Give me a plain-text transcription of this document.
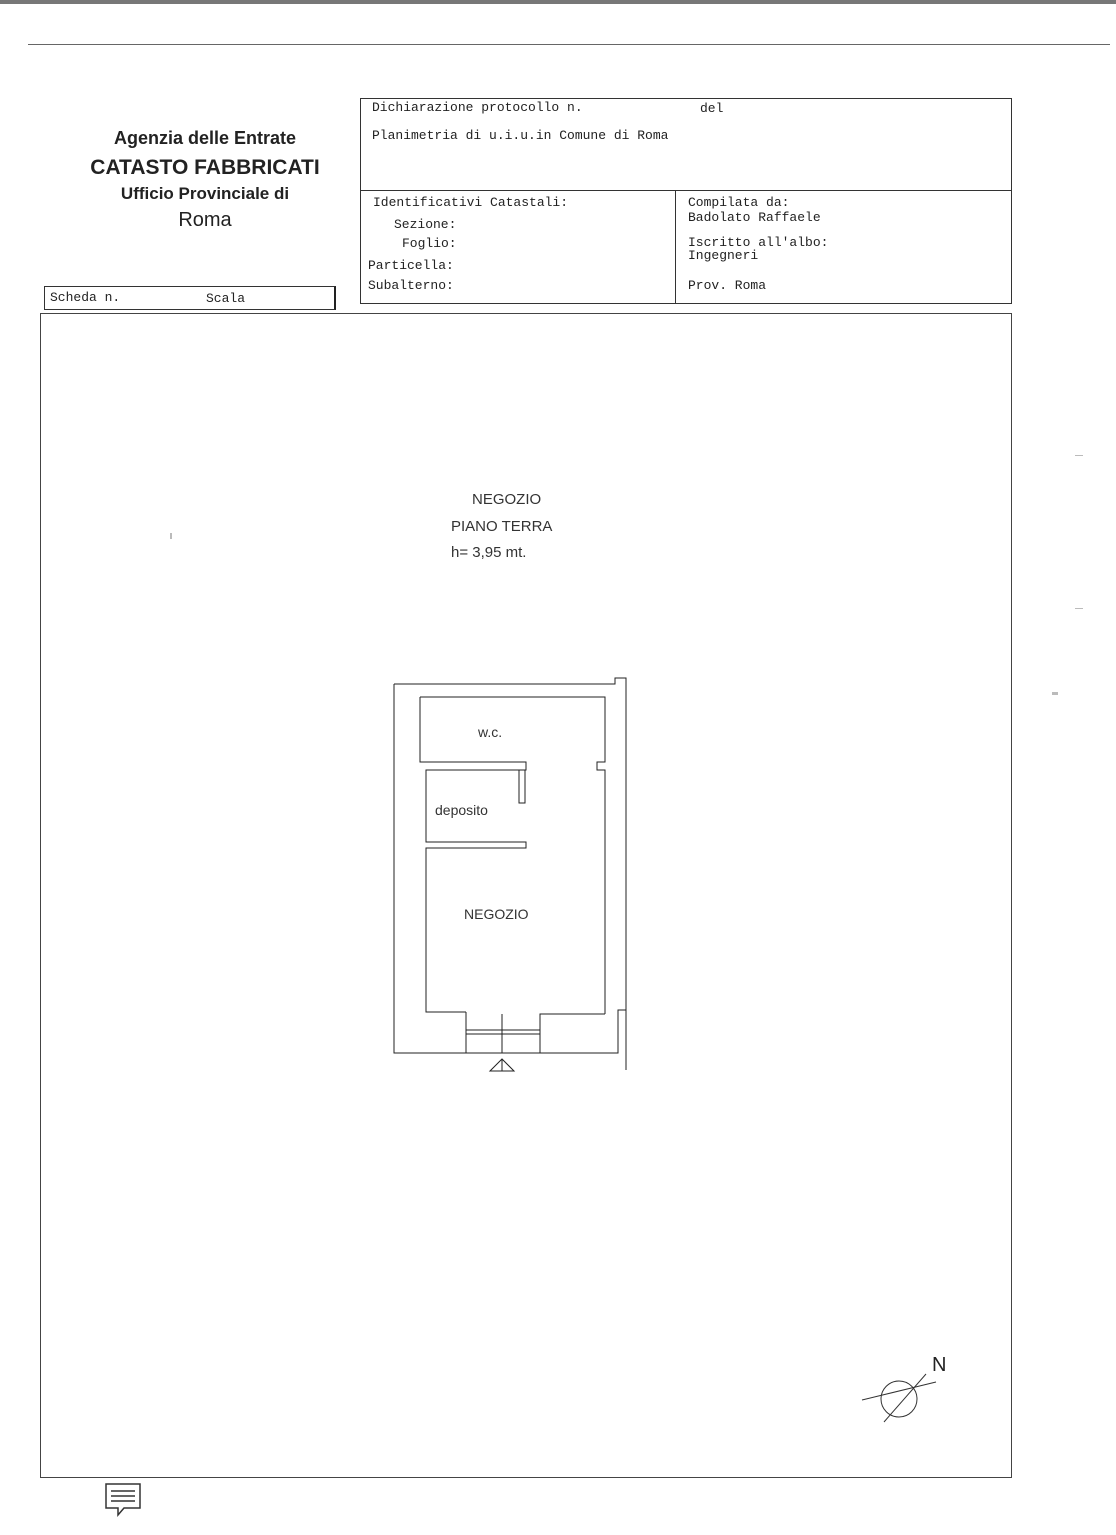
Agenzia delle Entrate
CATASTO FABBRICATI
Ufficio Provinciale di
Roma
Dichiarazione protocollo n.	del
Planimetria di u.i.u.in Comune di Roma
Identificativi Catastali:
Sezione:
Foglio:
Particella:
Subalterno:
Compilata da:
Badolato Raffaele
Iscritto all'albo:
Ingegneri
Prov. Roma
Scheda n.	Scala
NEGOZIO
PIANO TERRA
h= 3,95 mt.
w.c.
deposito
NEGOZIO
N
